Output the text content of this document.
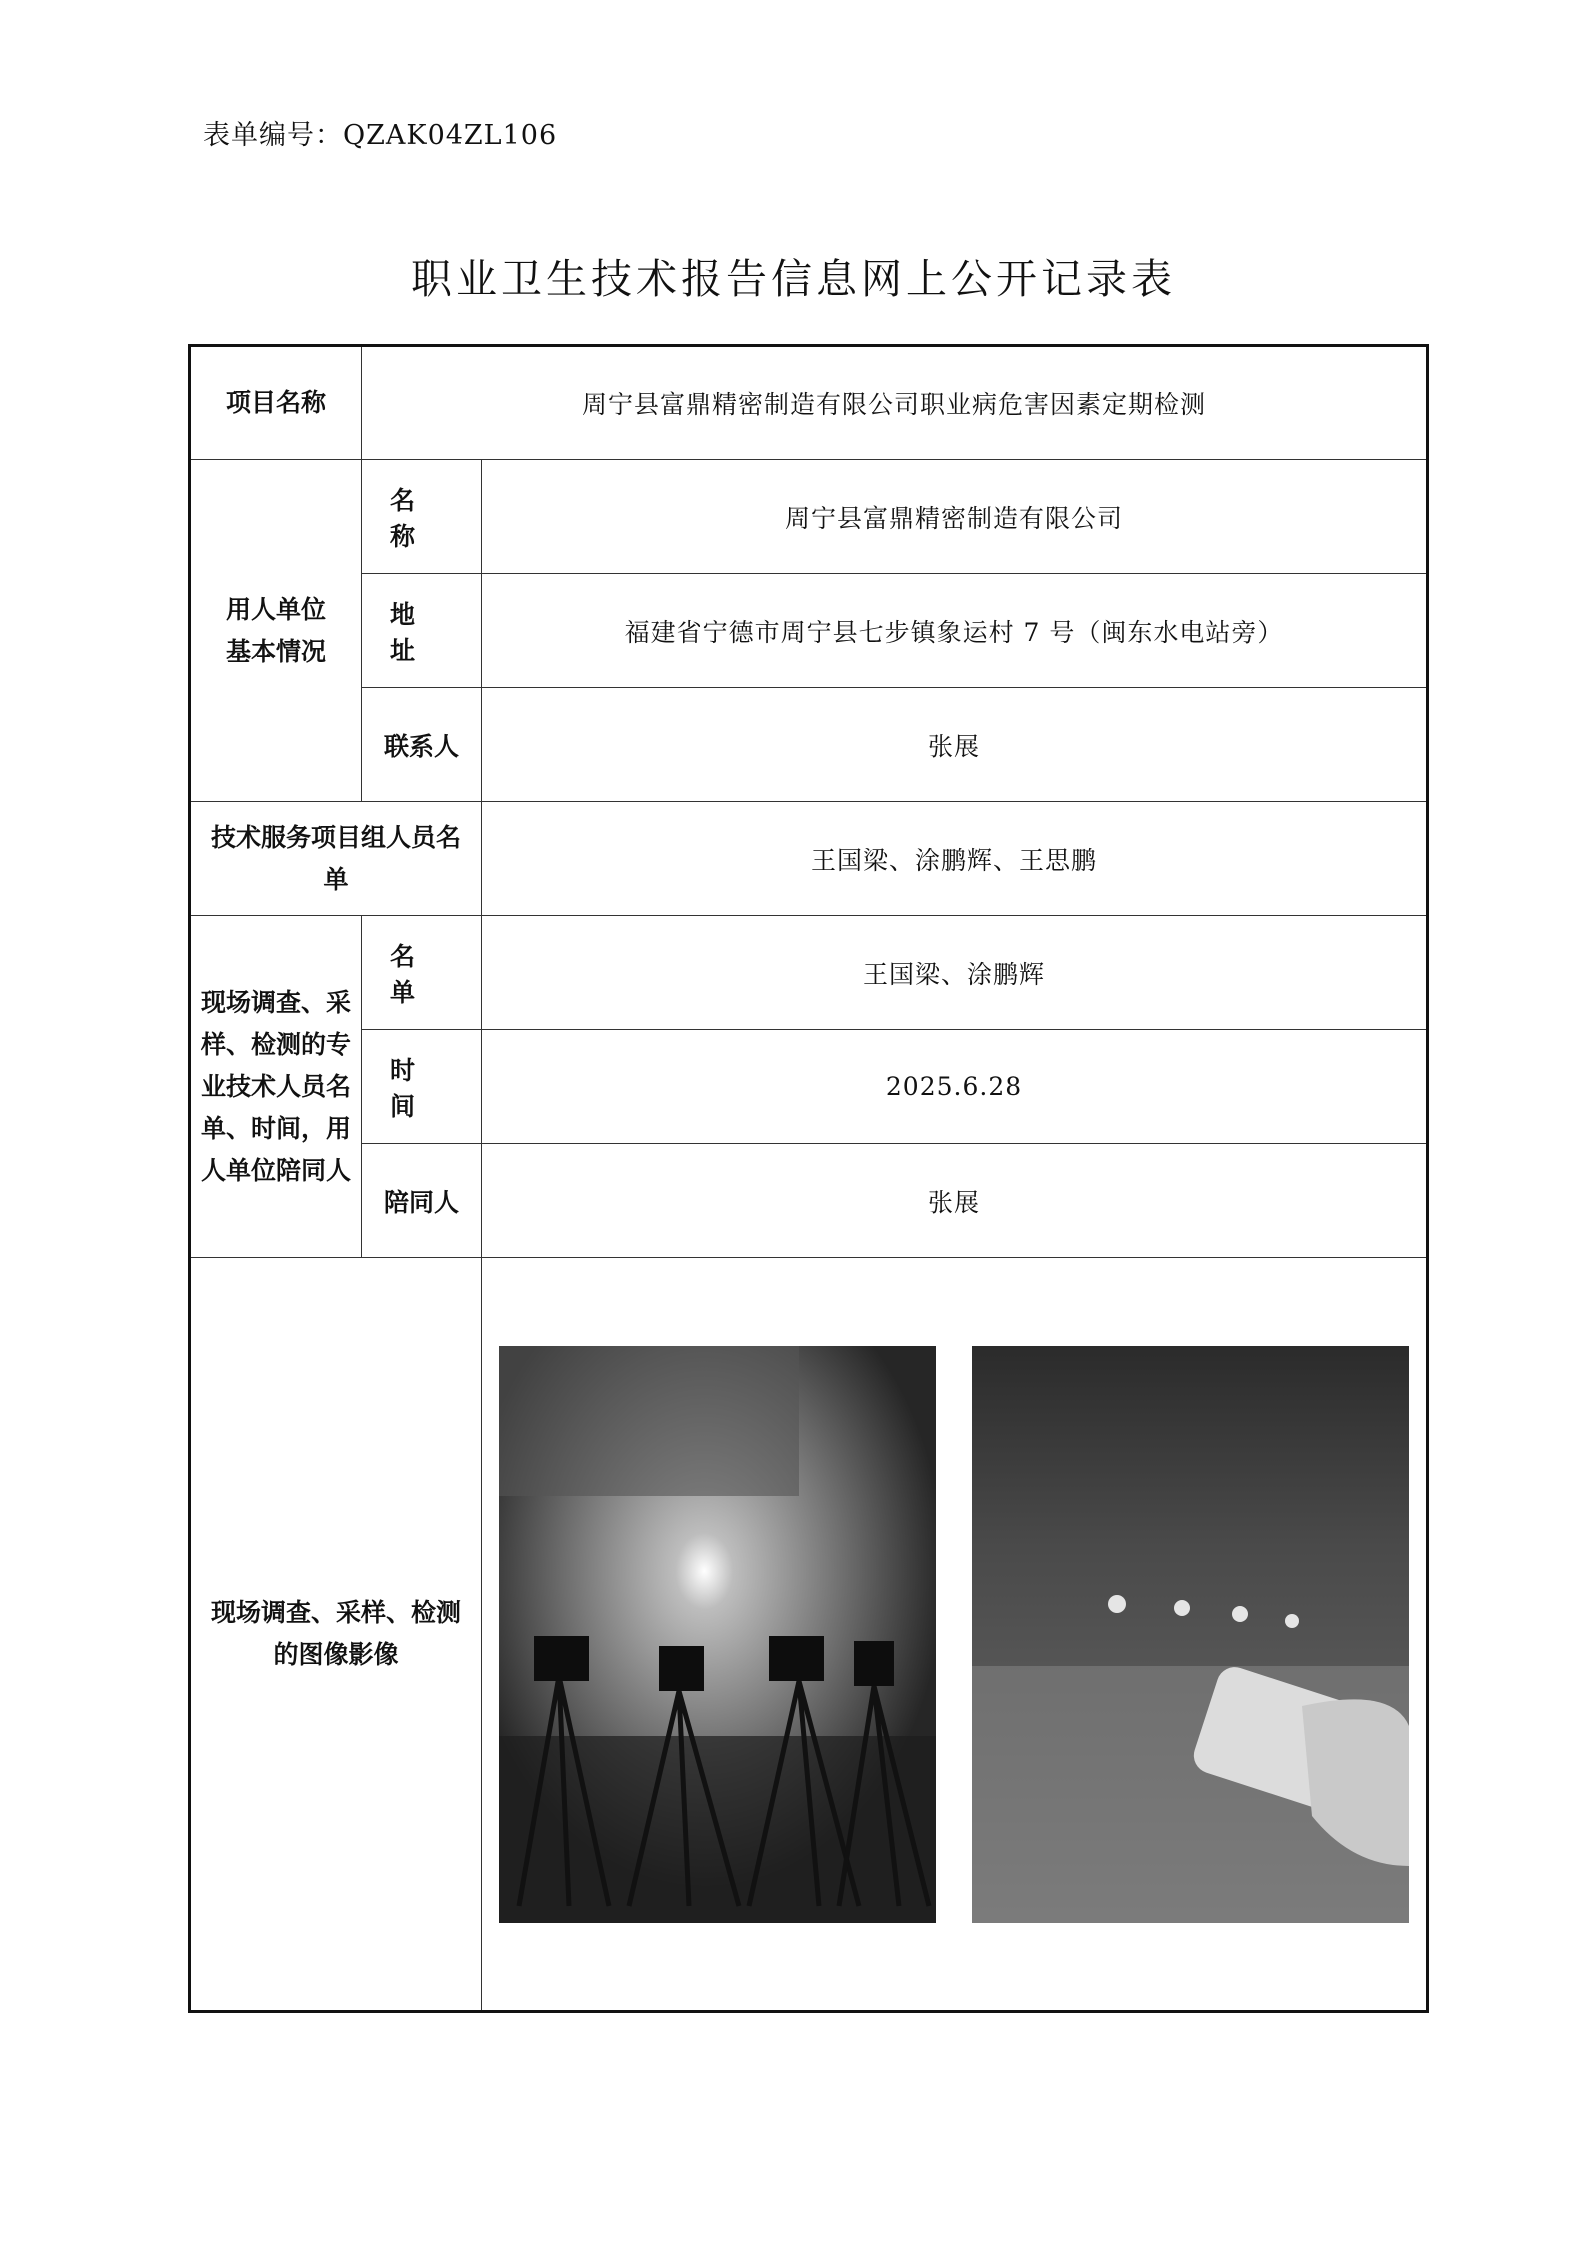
表单编号：QZAK04ZL106
职业卫生技术报告信息网上公开记录表
项目名称	周宁县富鼎精密制造有限公司职业病危害因素定期检测	

用人单位基本情况	名称	周宁县富鼎精密制造有限公司
	地址	福建省宁德市周宁县七步镇象运村 7 号（闽东水电站旁）
	联系人	张展

技术服务项目组人员名单		王国梁、涂鹏辉、王思鹏

现场调查、采样、检测的专业技术人员名单、时间，用人单位陪同人	名单	王国梁、涂鹏辉
	时间	2025.6.28
	陪同人	张展

现场调查、采样、检测的图像影像
